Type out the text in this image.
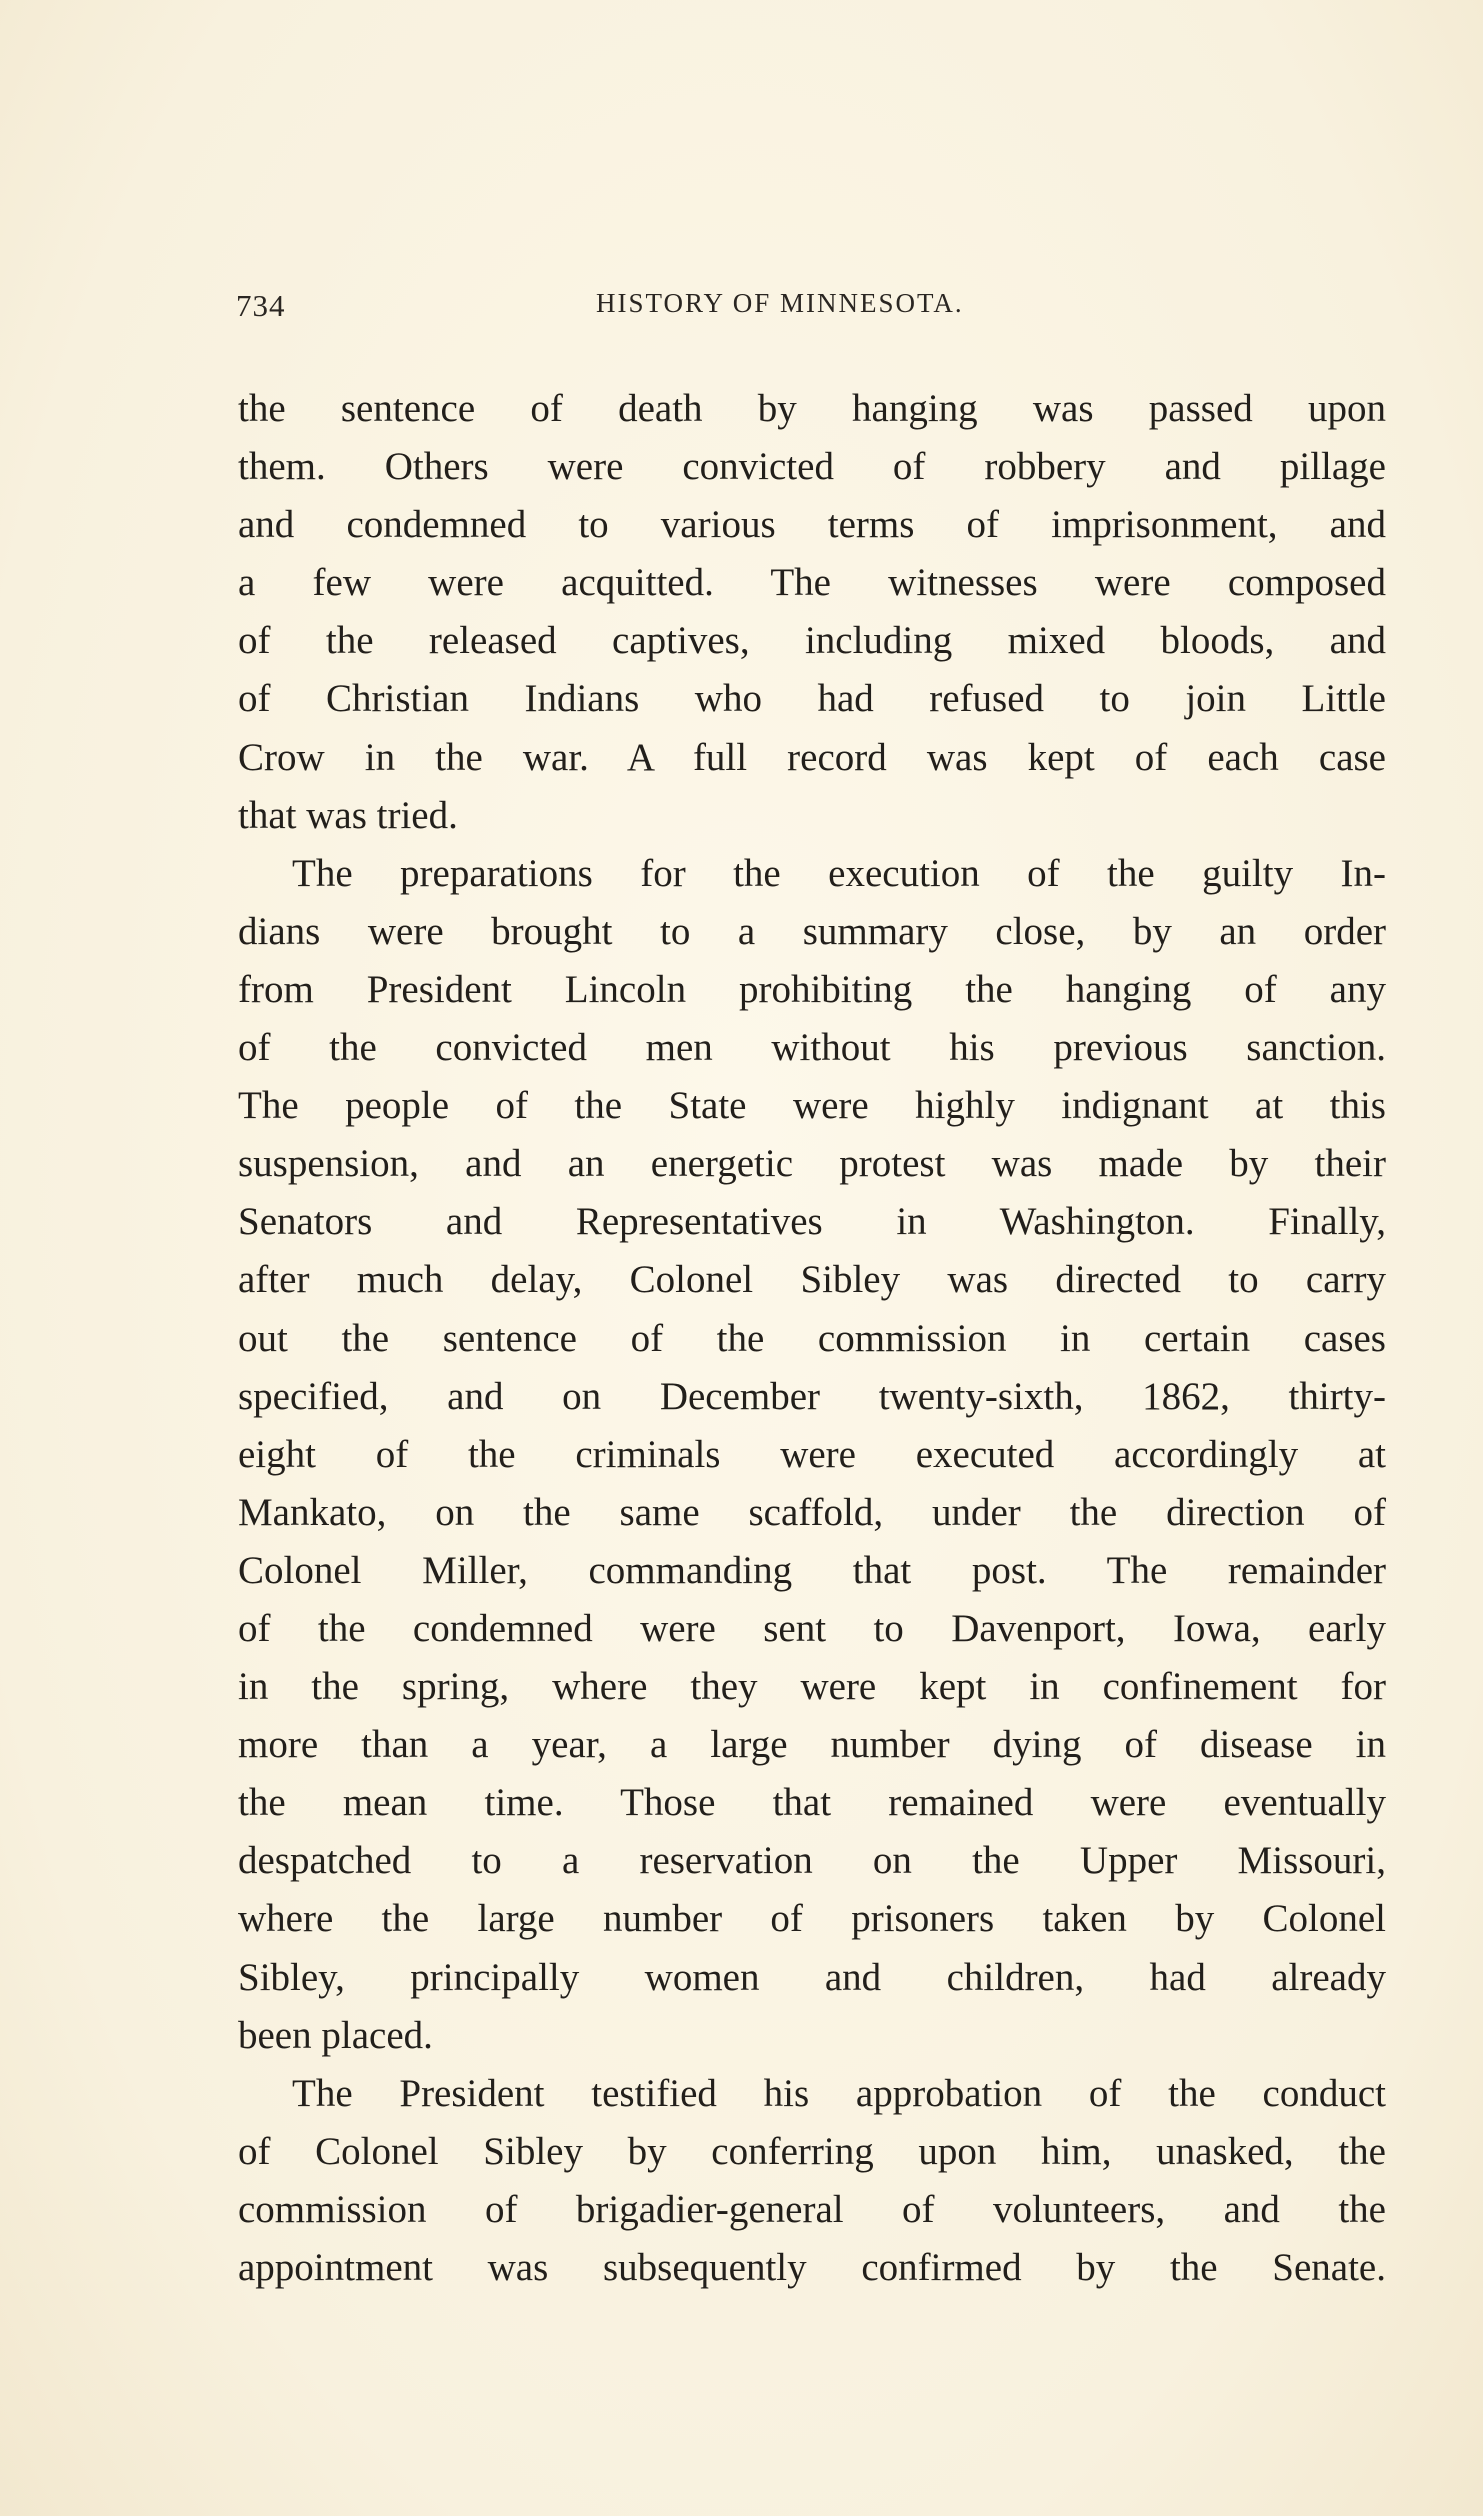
734	HISTORY OF MINNESOTA.
the sentence of death by hanging was passed upon
them. Others were convicted of robbery and pillage
and condemned to various terms of imprisonment, and
a few were acquitted. The witnesses were composed
of the released captives, including mixed bloods, and
of Christian Indians who had refused to join Little
Crow in the war. A full record was kept of each case
that was tried.
The preparations for the execution of the guilty In-
dians were brought to a summary close, by an order
from President Lincoln prohibiting the hanging of any
of the convicted men without his previous sanction.
The people of the State were highly indignant at this
suspension, and an energetic protest was made by their
Senators and Representatives in Washington. Finally,
after much delay, Colonel Sibley was directed to carry
out the sentence of the commission in certain cases
specified, and on December twenty-sixth, 1862, thirty-
eight of the criminals were executed accordingly at
Mankato, on the same scaffold, under the direction of
Colonel Miller, commanding that post. The remainder
of the condemned were sent to Davenport, Iowa, early
in the spring, where they were kept in confinement for
more than a year, a large number dying of disease in
the mean time. Those that remained were eventually
despatched to a reservation on the Upper Missouri,
where the large number of prisoners taken by Colonel
Sibley, principally women and children, had already
been placed.
The President testified his approbation of the conduct
of Colonel Sibley by conferring upon him, unasked, the
commission of brigadier-general of volunteers, and the
appointment was subsequently confirmed by the Senate.
